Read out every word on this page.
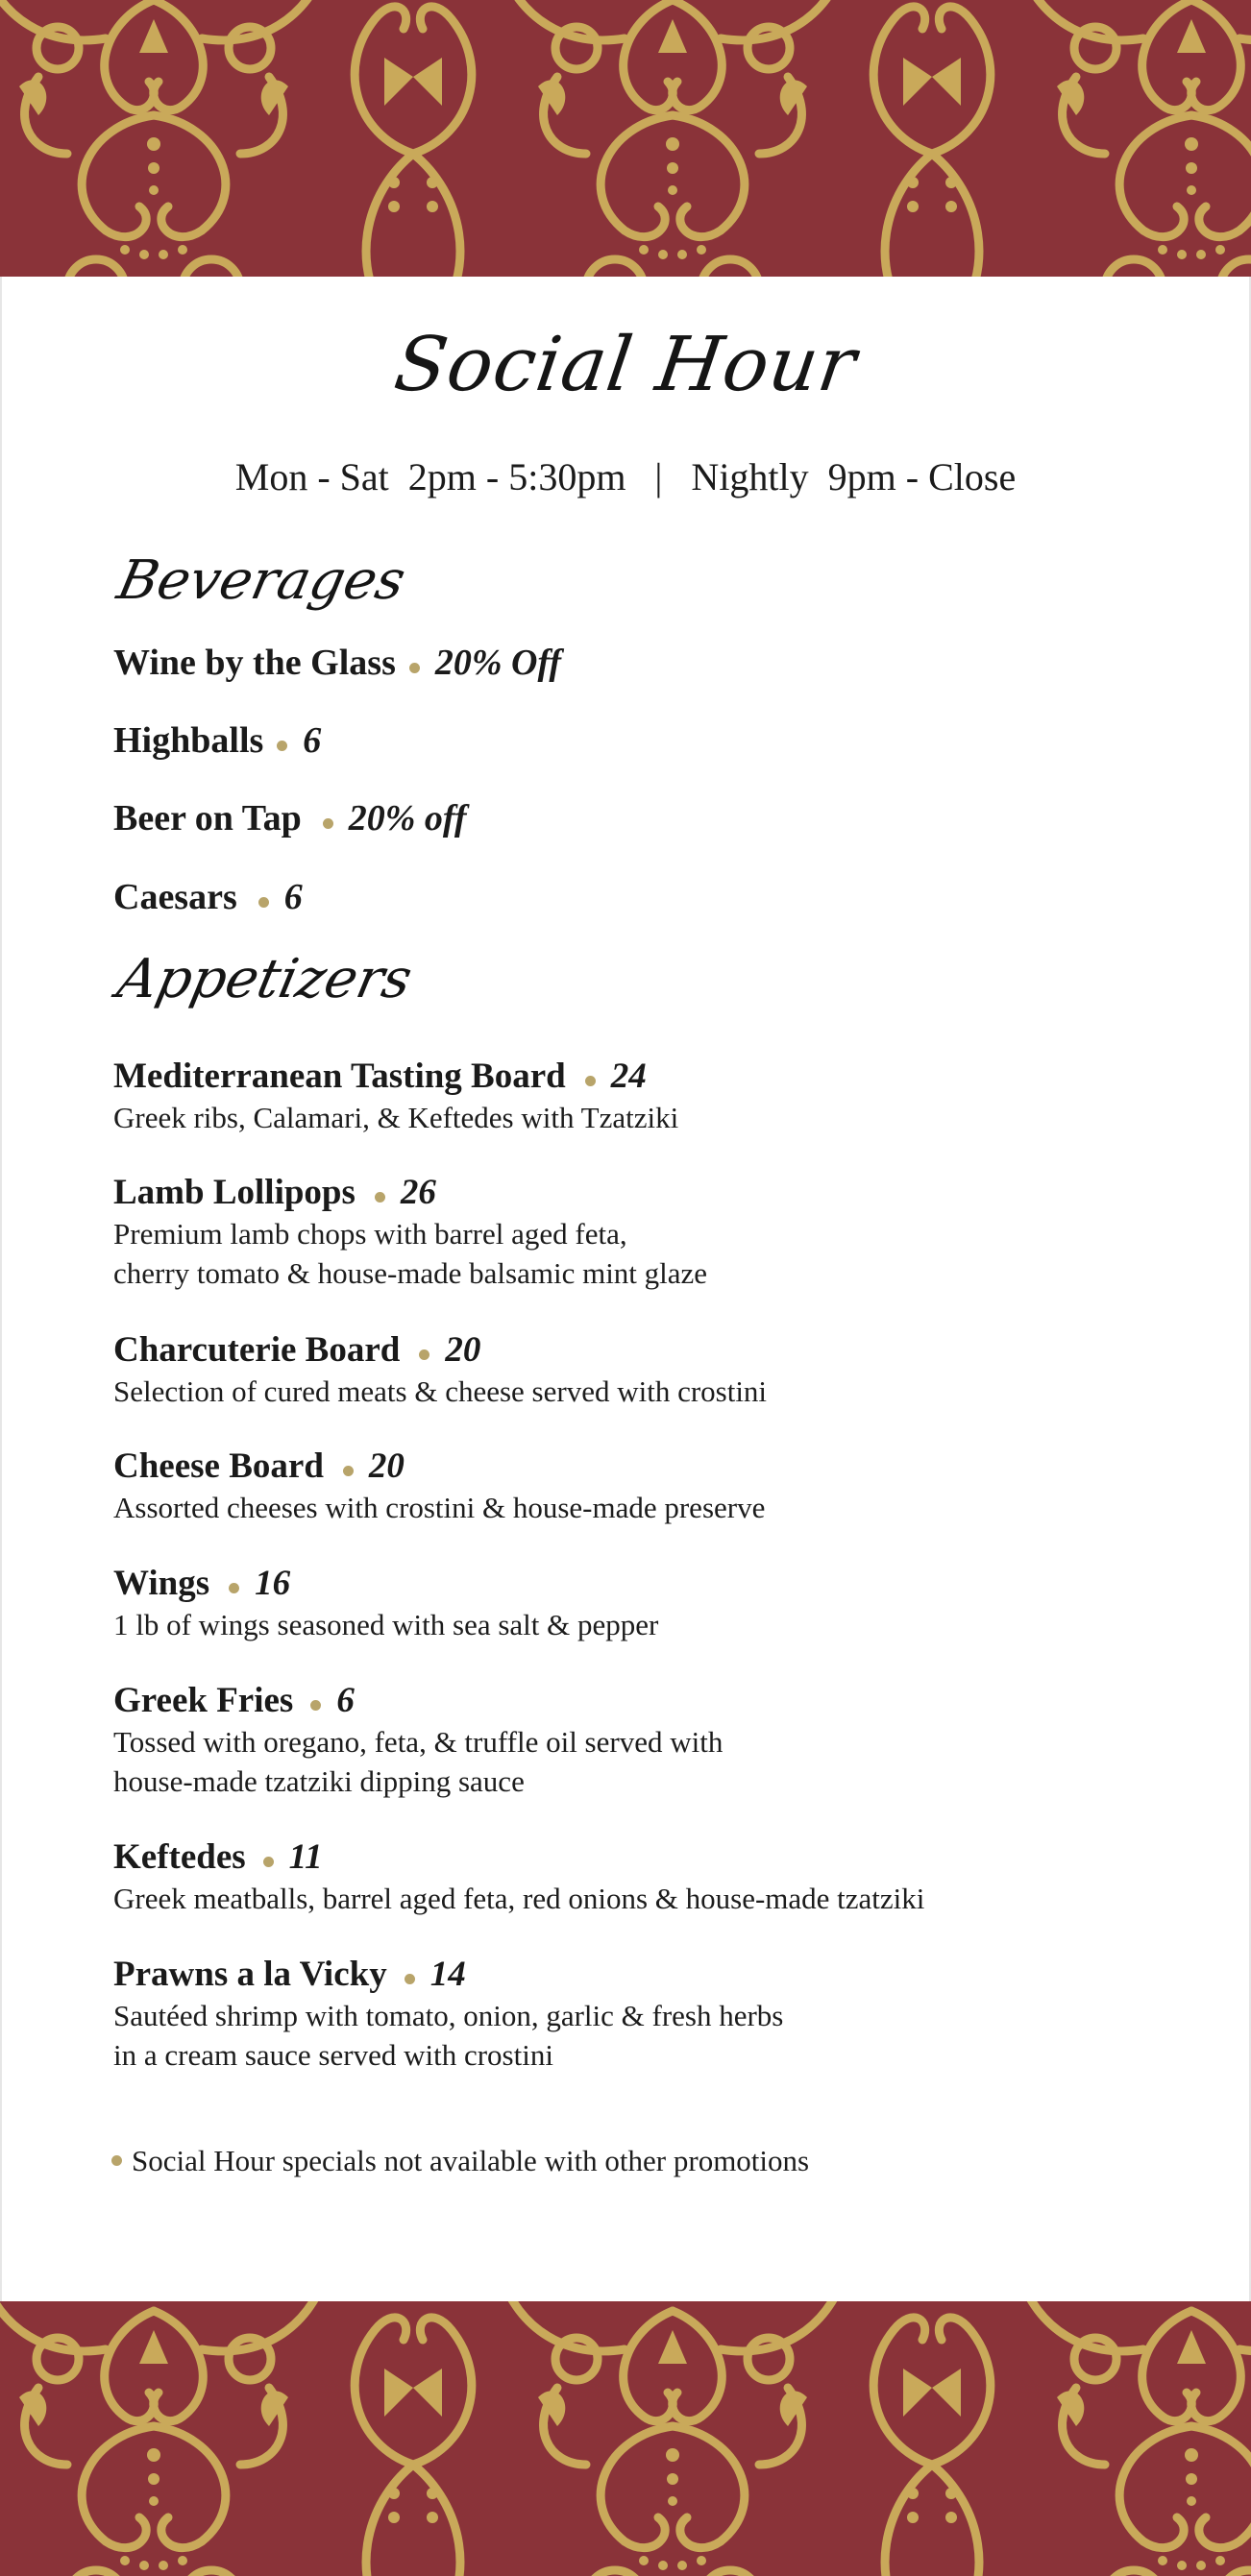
Social Hour
Mon - Sat  2pm - 5:30pm   |   Nightly  9pm - Close
Beverages
Wine by the Glass 20% Off
Highballs 6
Beer on Tap 20% off
Caesars 6
Appetizers
Mediterranean Tasting Board 24
Greek ribs, Calamari, & Keftedes with Tzatziki
Lamb Lollipops 26
Premium lamb chops with barrel aged feta,
cherry tomato & house-made balsamic mint glaze
Charcuterie Board 20
Selection of cured meats & cheese served with crostini
Cheese Board 20
Assorted cheeses with crostini & house-made preserve
Wings 16
1 lb of wings seasoned with sea salt & pepper
Greek Fries 6
Tossed with oregano, feta, & truffle oil served with
house-made tzatziki dipping sauce
Keftedes 11
Greek meatballs, barrel aged feta, red onions & house-made tzatziki
Prawns a la Vicky 14
Sautéed shrimp with tomato, onion, garlic & fresh herbs
in a cream sauce served with crostini
Social Hour specials not available with other promotions
